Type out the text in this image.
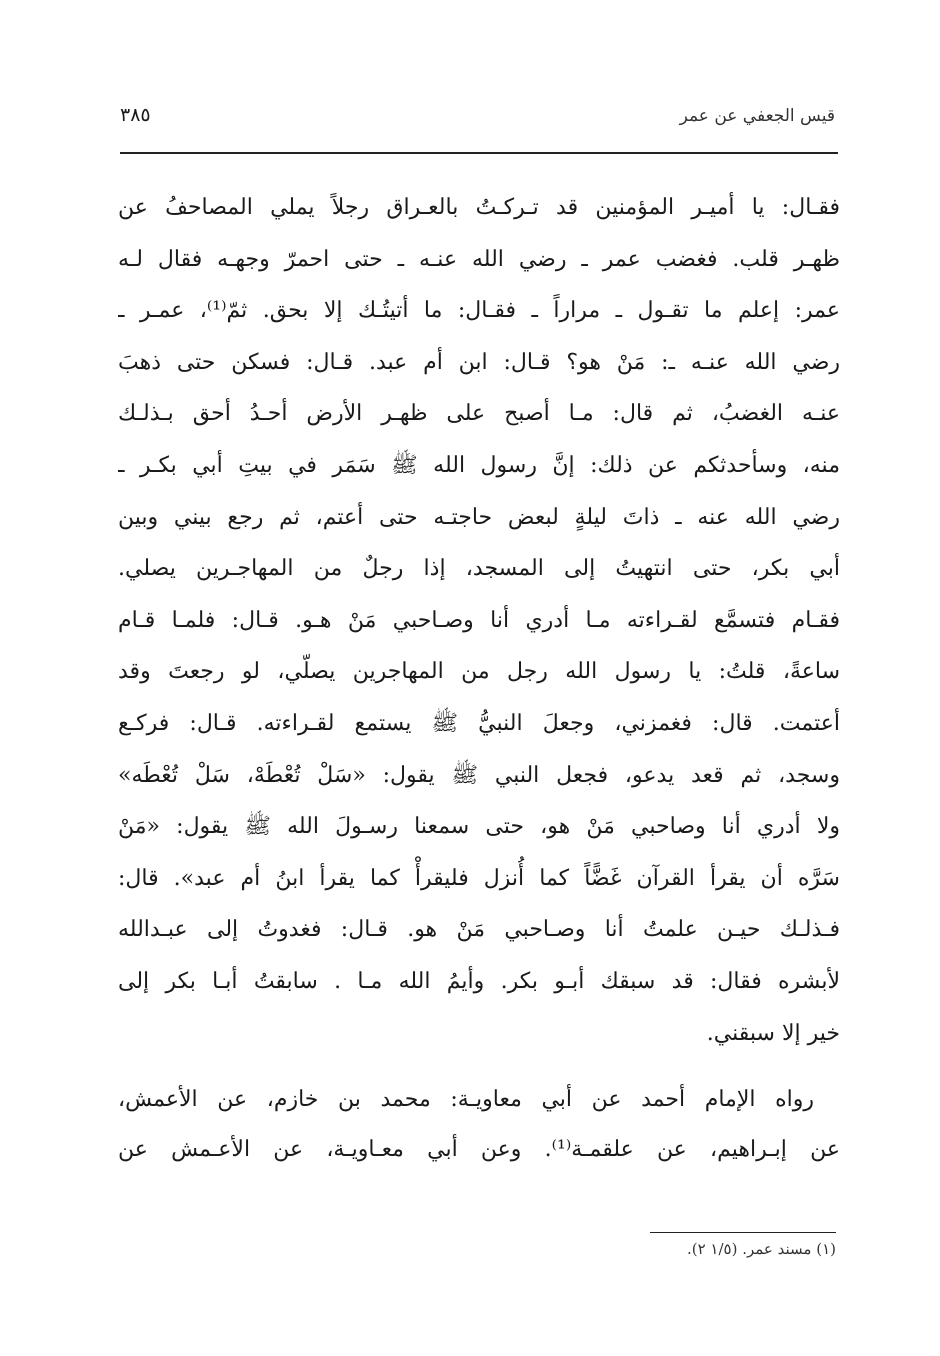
٣٨٥	قيس الجعفي عن عمر
فقـال: يا أميـر المؤمنين قد تـركـتُ بالعـراق رجلاً يملي المصاحفُ عن
ظهـر قلب. فغضب عمر ـ رضي الله عنـه ـ حتى احمرّ وجهـه فقال لـه
عمر: إعلم ما تقـول ـ مراراً ـ فقـال: ما أتيتُـك إلا بحق. ثمّ⁽¹⁾، عمـر ـ
رضي الله عنـه ـ: مَنْ هو؟ قـال: ابن أم عبد. قـال: فسكن حتى ذهبَ
عنـه الغضبُ، ثم قال: مـا أصبح على ظهـر الأرض أحـدُ أحق بـذلـك
منه، وسأحدثكم عن ذلك: إنَّ رسول الله ﷺ سَمَر في بيتِ أبي بكـر ـ
رضي الله عنه ـ ذاتَ ليلةٍ لبعض حاجتـه حتى أعتم، ثم رجع بيني وبين
أبي بكر، حتى انتهيتُ إلى المسجد، إذا رجلٌ من المهاجـرين يصلي.
فقـام فتسمَّع لقـراءته مـا أدري أنا وصـاحبي مَنْ هـو. قـال: فلمـا قـام
ساعةً، قلتُ: يا رسول الله رجل من المهاجرين يصلّي، لو رجعتَ وقد
أعتمت. قال: فغمزني، وجعلَ النبيُّ ﷺ يستمع لقـراءته. قـال: فركـع
وسجد، ثم قعد يدعو، فجعل النبي ﷺ يقول: «سَلْ تُعْطَهْ، سَلْ تُعْطَه»
ولا أدري أنا وصاحبي مَنْ هو، حتى سمعنا رسـولَ الله ﷺ يقول: «مَنْ
سَرَّه أن يقرأ القرآن غَضًّاً كما أُنزل فليقرأْ كما يقرأ ابنُ أم عبد». قال:
فـذلـك حيـن علمتُ أنا وصـاحبي مَنْ هو. قـال: فغدوتُ إلى عبـدالله
لأبشره فقال: قد سبقك أبـو بكر. وأيمُ الله مـا . سابقتُ أبـا بكر إلى
خير إلا سبقني.
رواه الإمام أحمد عن أبي معاويـة: محمد بن خازم، عن الأعمش،
عن إبـراهيم، عن علقمـة⁽¹⁾. وعن أبي معـاويـة، عن الأعـمش عن
(١) مسند عمر. (١/٥ ٢).
